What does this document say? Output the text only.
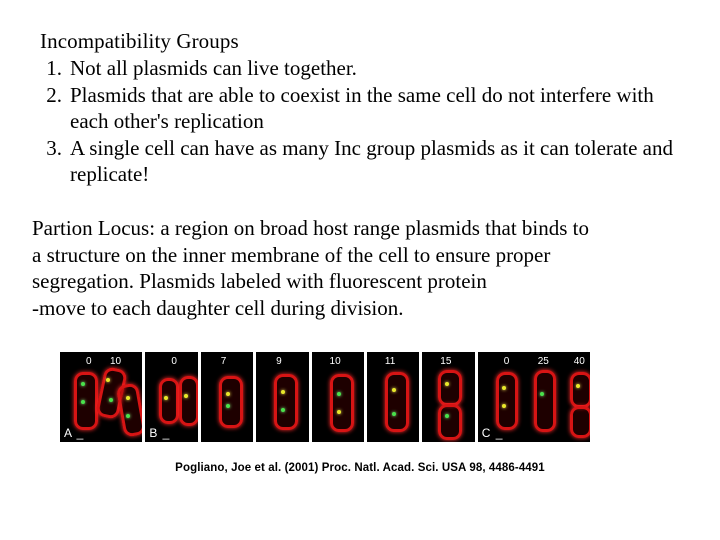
Incompatibility Groups
1. Not all plasmids can live together.
2. Plasmids that are able to coexist in the same cell do not interfere with each other's replication
3. A single cell can have as many Inc group plasmids as it can tolerate and replicate!
Partion Locus: a region on broad host range plasmids that binds to
a structure on the inner membrane of the cell to ensure proper
segregation. Plasmids labeled with fluorescent protein
-move to each daughter cell during division.
0 10
A _
0
B _
7	9	10	11	15	0	25 40
C _
Pogliano, Joe et al. (2001) Proc. Natl. Acad. Sci. USA 98, 4486-4491
